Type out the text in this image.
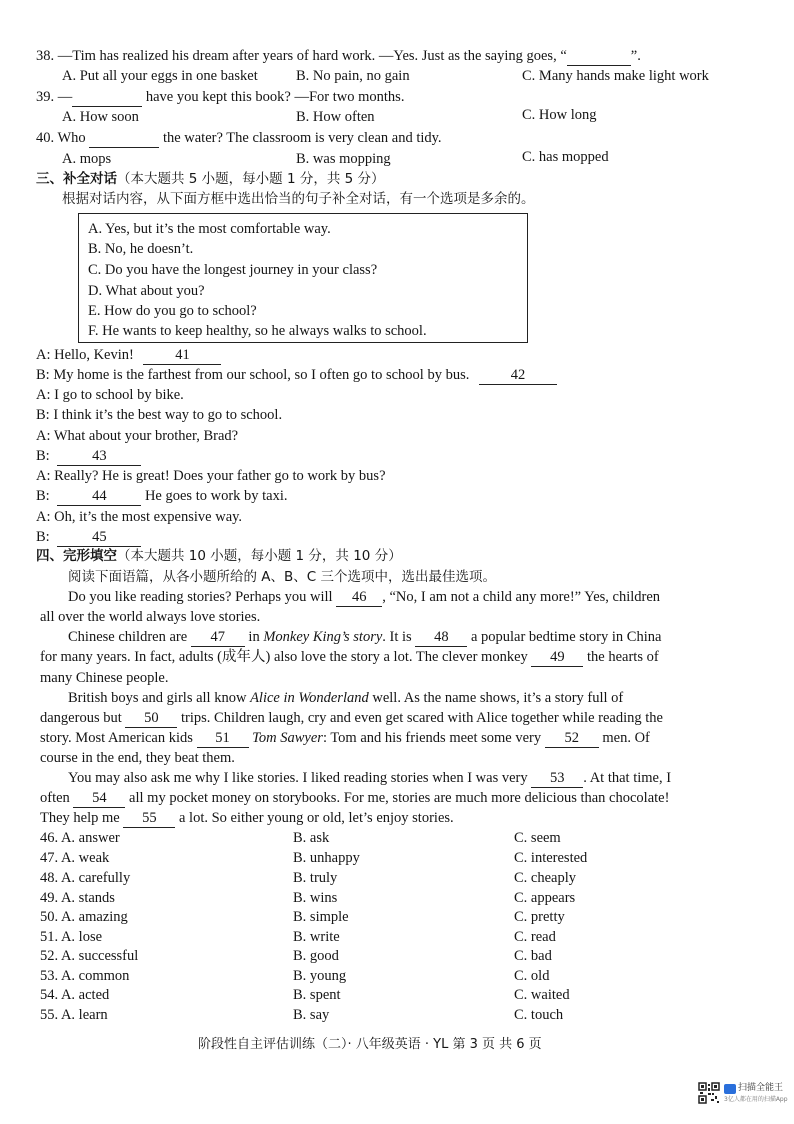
38. —Tim has realized his dream after years of hard work. —Yes. Just as the saying goes, “	”.
A. Put all your eggs in one basket	B. No pain, no gain	C. Many hands make light work
39. —	have you kept this book? —For two months.
A. How soon	B. How often	C. How long
40. Who	the water? The classroom is very clean and tidy.
A. mops	B. was mopping	C. has mopped
三、补全对话（本大题共 5 小题，每小题 1 分，共 5 分）
根据对话内容，从下面方框中选出恰当的句子补全对话，有一个选项是多余的。
A. Yes, but it’s the most comfortable way.
B. No, he doesn’t.
C. Do you have the longest journey in your class?
D. What about you?
E. How do you go to school?
F. He wants to keep healthy, so he always walks to school.
A: Hello, Kevin!	41
B: My home is the farthest from our school, so I often go to school by bus.	42
A: I go to school by bike.
B: I think it’s the best way to go to school.
A: What about your brother, Brad?
B:	43
A: Really? He is great! Does your father go to work by bus?
B:	44	He goes to work by taxi.
A: Oh, it’s the most expensive way.
B:	45
四、完形填空（本大题共 10 小题，每小题 1 分，共 10 分）
阅读下面语篇，从各小题所给的 A、B、C 三个选项中，选出最佳选项。
Do you like reading stories? Perhaps you will 46 , “No, I am not a child any more!” Yes, children
all over the world always love stories.
Chinese children are 47 in Monkey King’s story. It is 48 a popular bedtime story in China
for many years. In fact, adults (成年人) also love the story a lot. The clever monkey 49 the hearts of
many Chinese people.
British boys and girls all know Alice in Wonderland well. As the name shows, it’s a story full of
dangerous but 50 trips. Children laugh, cry and even get scared with Alice together while reading the
story. Most American kids 51 Tom Sawyer: Tom and his friends meet some very 52 men. Of
course in the end, they beat them.
You may also ask me why I like stories. I liked reading stories when I was very 53 . At that time, I
often 54 all my pocket money on storybooks. For me, stories are much more delicious than chocolate!
They help me 55 a lot. So either young or old, let’s enjoy stories.
46. A. answer	B. ask	C. seem
47. A. weak	B. unhappy	C. interested
48. A. carefully	B. truly	C. cheaply
49. A. stands	B. wins	C. appears
50. A. amazing	B. simple	C. pretty
51. A. lose	B. write	C. read
52. A. successful	B. good	C. bad
53. A. common	B. young	C. old
54. A. acted	B. spent	C. waited
55. A. learn	B. say	C. touch
阶段性自主评估训练（二）· 八年级英语 · YL 第 3 页 共 6 页
扫描全能王
3亿人都在用的扫描App
